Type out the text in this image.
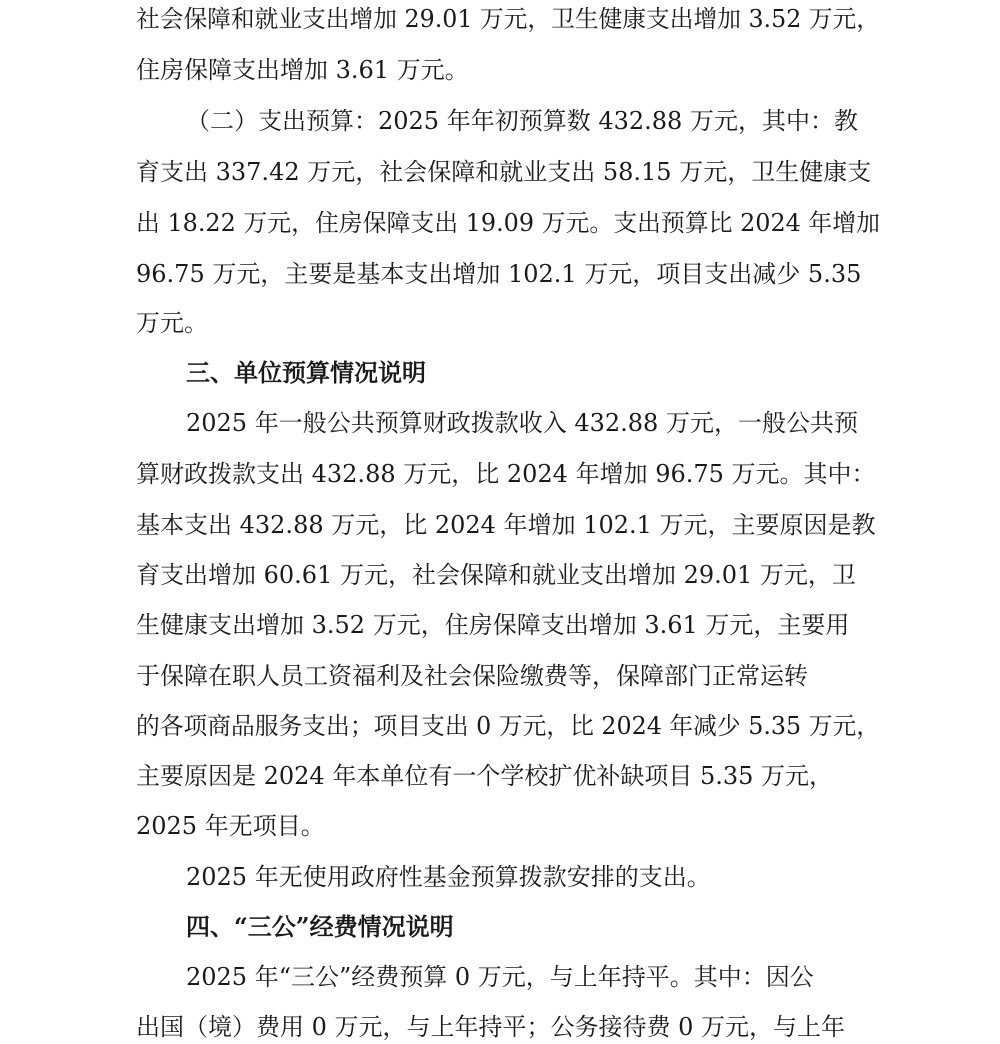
社会保障和就业支出增加 29.01 万元，卫生健康支出增加 3.52 万元，
住房保障支出增加 3.61 万元。
（二）支出预算：2025 年年初预算数 432.88 万元，其中：教
育支出 337.42 万元，社会保障和就业支出 58.15 万元，卫生健康支
出 18.22 万元，住房保障支出 19.09 万元。支出预算比 2024 年增加
96.75 万元，主要是基本支出增加 102.1 万元，项目支出减少 5.35
万元。
三、单位预算情况说明
2025 年一般公共预算财政拨款收入 432.88 万元，一般公共预
算财政拨款支出 432.88 万元，比 2024 年增加 96.75 万元。其中：
基本支出 432.88 万元，比 2024 年增加 102.1 万元，主要原因是教
育支出增加 60.61 万元，社会保障和就业支出增加 29.01 万元，卫
生健康支出增加 3.52 万元，住房保障支出增加 3.61 万元，主要用
于保障在职人员工资福利及社会保险缴费等，保障部门正常运转
的各项商品服务支出；项目支出 0 万元，比 2024 年减少 5.35 万元，
主要原因是 2024 年本单位有一个学校扩优补缺项目 5.35 万元，
2025 年无项目。
2025 年无使用政府性基金预算拨款安排的支出。
四、“三公”经费情况说明
2025 年“三公”经费预算 0 万元，与上年持平。其中：因公
出国（境）费用 0 万元，与上年持平；公务接待费 0 万元，与上年
